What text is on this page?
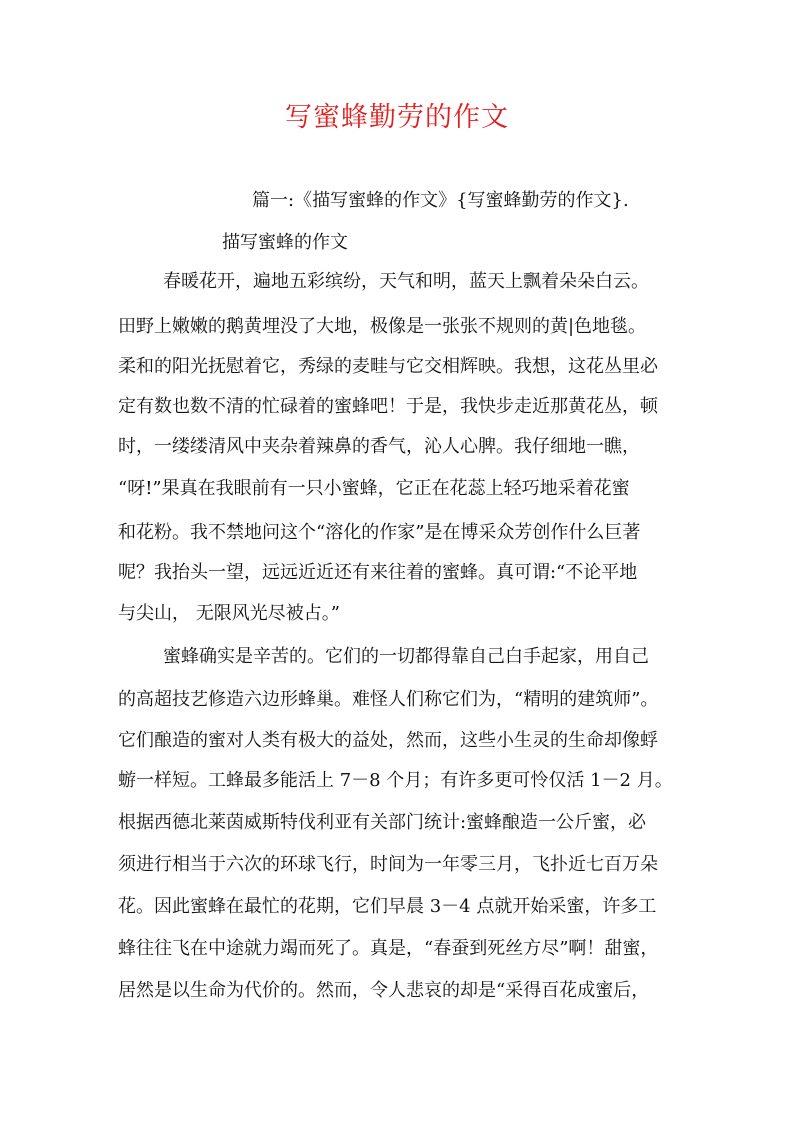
写蜜蜂勤劳的作文
篇一:《描写蜜蜂的作文》{写蜜蜂勤劳的作文}.
描写蜜蜂的作文
春暖花开，遍地五彩缤纷，天气和明，蓝天上飘着朵朵白云。
田野上嫩嫩的鹅黄埋没了大地，极像是一张张不规则的黄|色地毯。
柔和的阳光抚慰着它，秀绿的麦畦与它交相辉映。我想，这花丛里必
定有数也数不清的忙碌着的蜜蜂吧！于是，我快步走近那黄花丛，顿
时，一缕缕清风中夹杂着辣鼻的香气，沁人心脾。我仔细地一瞧，
“呀!”果真在我眼前有一只小蜜蜂，它正在花蕊上轻巧地采着花蜜
和花粉。我不禁地问这个“溶化的作家”是在博采众芳创作什么巨著
呢？我抬头一望，远远近近还有来往着的蜜蜂。真可谓:“不论平地
与尖山， 无限风光尽被占。”
蜜蜂确实是辛苦的。它们的一切都得靠自己白手起家，用自己
的高超技艺修造六边形蜂巢。难怪人们称它们为，“精明的建筑师”。
它们酿造的蜜对人类有极大的益处，然而，这些小生灵的生命却像蜉
蝣一样短。工蜂最多能活上 7－8 个月；有许多更可怜仅活 1－2 月。
根据西德北莱茵威斯特伐利亚有关部门统计:蜜蜂酿造一公斤蜜，必
须进行相当于六次的环球飞行，时间为一年零三月，飞扑近七百万朵
花。因此蜜蜂在最忙的花期，它们早晨 3－4 点就开始采蜜，许多工
蜂往往飞在中途就力竭而死了。真是，“春蚕到死丝方尽”啊！甜蜜，
居然是以生命为代价的。然而，令人悲哀的却是“采得百花成蜜后，
